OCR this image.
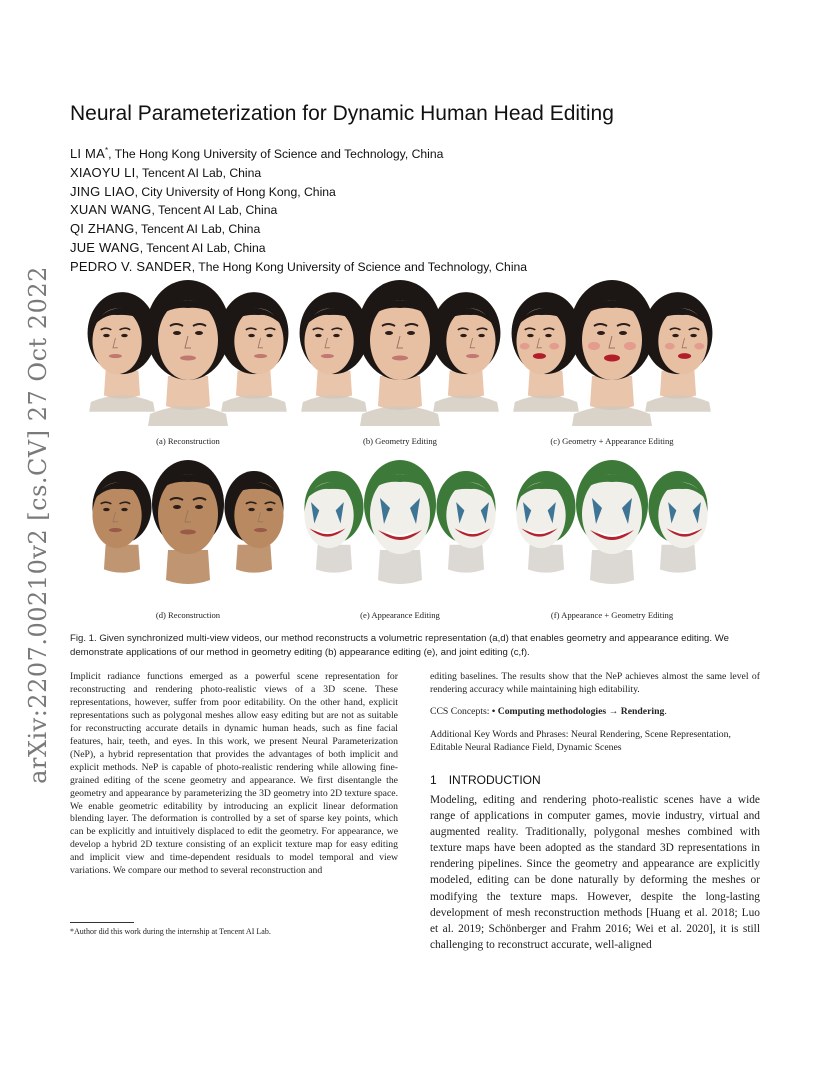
arXiv:2207.00210v2 [cs.CV] 27 Oct 2022
Neural Parameterization for Dynamic Human Head Editing
LI MA*, The Hong Kong University of Science and Technology, China
XIAOYU LI, Tencent AI Lab, China
JING LIAO, City University of Hong Kong, China
XUAN WANG, Tencent AI Lab, China
QI ZHANG, Tencent AI Lab, China
JUE WANG, Tencent AI Lab, China
PEDRO V. SANDER, The Hong Kong University of Science and Technology, China
(a) Reconstruction	(b) Geometry Editing	(c) Geometry + Appearance Editing
(d) Reconstruction	(e) Appearance Editing	(f) Appearance + Geometry Editing
Fig. 1. Given synchronized multi-view videos, our method reconstructs a volumetric representation (a,d) that enables geometry and appearance editing. We demonstrate applications of our method in geometry editing (b) appearance editing (e), and joint editing (c,f).

Implicit radiance functions emerged as a powerful scene representation for reconstructing and rendering photo-realistic views of a 3D scene. These representations, however, suffer from poor editability. On the other hand, explicit representations such as polygonal meshes allow easy editing but are not as suitable for reconstructing accurate details in dynamic human heads, such as fine facial features, hair, teeth, and eyes. In this work, we present Neural Parameterization (NeP), a hybrid representation that provides the advantages of both implicit and explicit methods. NeP is capable of photo-realistic rendering while allowing fine-grained editing of the scene geometry and appearance. We first disentangle the geometry and appearance by parameterizing the 3D geometry into 2D texture space. We enable geometric editability by introducing an explicit linear deformation blending layer. The deformation is controlled by a set of sparse key points, which can be explicitly and intuitively displaced to edit the geometry. For appearance, we develop a hybrid 2D texture consisting of an explicit texture map for easy editing and implicit view and time-dependent residuals to model temporal and view variations. We compare our method to several reconstruction and

editing baselines. The results show that the NeP achieves almost the same level of rendering accuracy while maintaining high editability.

CCS Concepts: • Computing methodologies → Rendering.
Additional Key Words and Phrases: Neural Rendering, Scene Representation, Editable Neural Radiance Field, Dynamic Scenes
1 INTRODUCTION

Modeling, editing and rendering photo-realistic scenes have a wide range of applications in computer games, movie industry, virtual and augmented reality. Traditionally, polygonal meshes combined with texture maps have been adopted as the standard 3D representations in rendering pipelines. Since the geometry and appearance are explicitly modeled, editing can be done naturally by deforming the meshes or modifying the texture maps. However, despite the long-lasting development of mesh reconstruction methods [Huang et al. 2018; Luo et al. 2019; Schönberger and Frahm 2016; Wei et al. 2020], it is still challenging to reconstruct accurate, well-aligned

*Author did this work during the internship at Tencent AI Lab.
